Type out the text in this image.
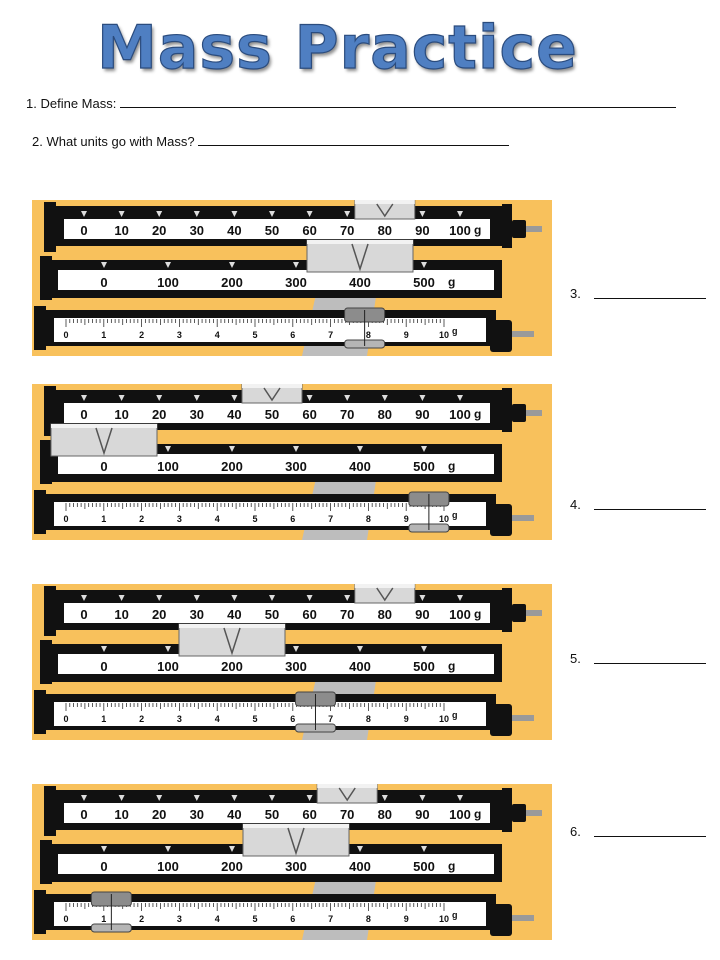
Mass Practice
1. Define Mass:
2. What units go with Mass?
0 10 20 30 40 50 60 70 80 90 100 g
0	100	200	300	400	500 g
0	1	2	3	4	5	6	7	8	9	10 g
0 10 20 30 40 50 60 70 80 90 100 g
0	100	200	300	400	500 g
0	1	2	3	4	5	6	7	8	9	10 g
0 10 20 30 40 50 60 70 80 90 100 g
0	100	200	300	400	500 g
0	1	2	3	4	5	6	7	8	9	10 g
0 10 20 30 40 50 60 70 80 90 100 g
0	100	200	300	400	500 g
0	1	2	3	4	5	6	7	8	9	10 g
3.
4.
5.
6.
